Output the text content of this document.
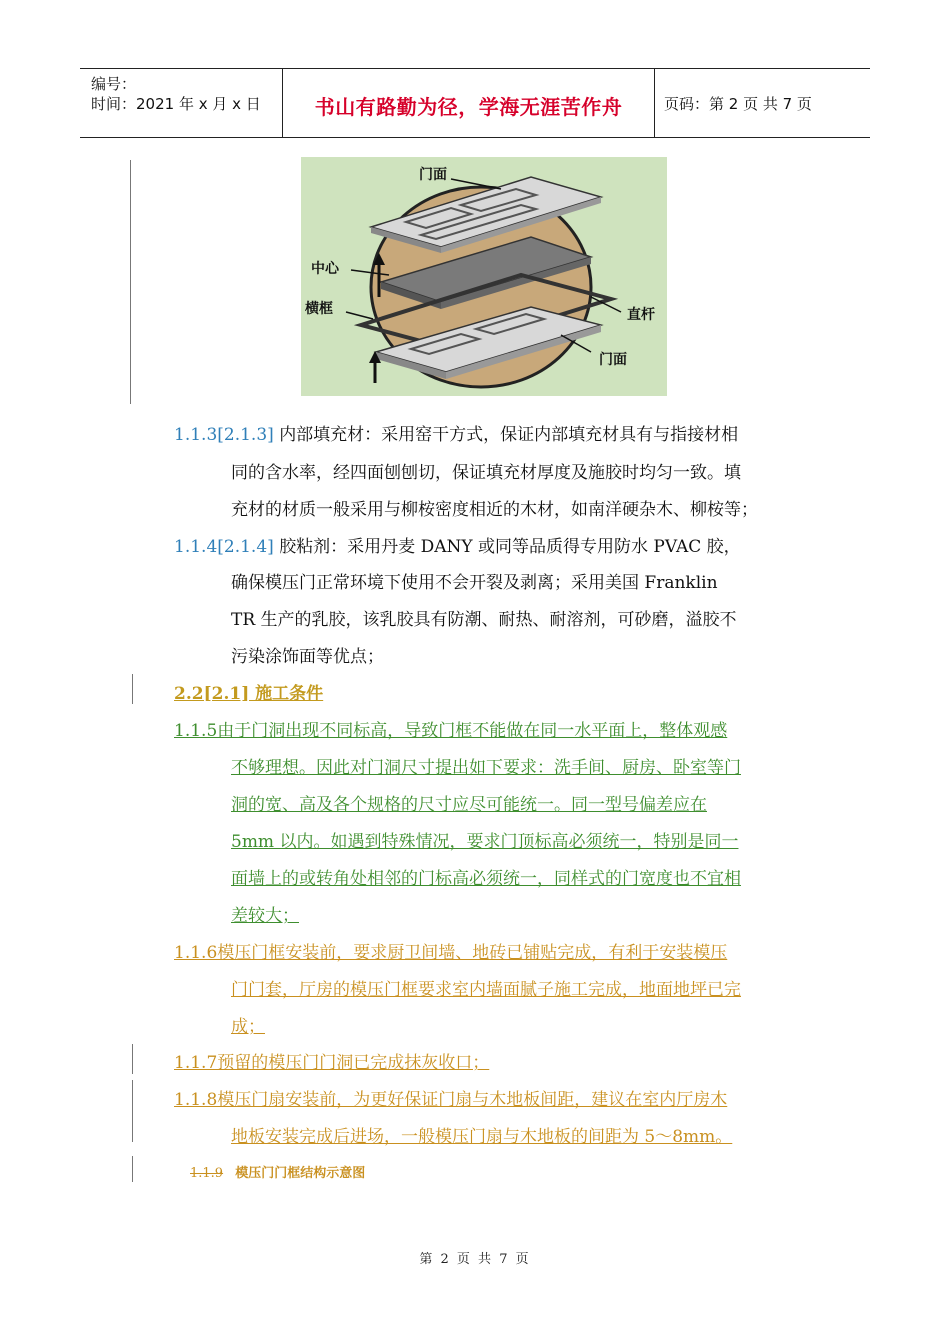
编号：
时间：2021 年 x 月 x 日	书山有路勤为径，学海无涯苦作舟	页码：第 2 页 共 7 页
门面
中心
横框	直杆
门面
1.1.3[2.1.3] 内部填充材：采用窑干方式，保证内部填充材具有与指接材相
同的含水率，经四面刨刨切，保证填充材厚度及施胶时均匀一致。填
充材的材质一般采用与柳桉密度相近的木材，如南洋硬杂木、柳桉等；
1.1.4[2.1.4] 胶粘剂：采用丹麦 DANY 或同等品质得专用防水 PVAC 胶，
确保模压门正常环境下使用不会开裂及剥离；采用美国 Franklin
TR 生产的乳胶，该乳胶具有防潮、耐热、耐溶剂，可砂磨，溢胶不
污染涂饰面等优点；
2.2[2.1] 施工条件
1.1.5由于门洞出现不同标高，导致门框不能做在同一水平面上，整体观感
不够理想。因此对门洞尺寸提出如下要求：洗手间、厨房、卧室等门
洞的宽、高及各个规格的尺寸应尽可能统一。同一型号偏差应在
5mm 以内。如遇到特殊情况，要求门顶标高必须统一，特别是同一
面墙上的或转角处相邻的门标高必须统一，同样式的门宽度也不宜相
差较大；
1.1.6模压门框安装前，要求厨卫间墙、地砖已铺贴完成，有利于安装模压
门门套，厅房的模压门框要求室内墙面腻子施工完成，地面地坪已完
成；
1.1.7预留的模压门门洞已完成抹灰收口；
1.1.8模压门扇安装前，为更好保证门扇与木地板间距，建议在室内厅房木
地板安装完成后进场，一般模压门扇与木地板的间距为 5～8mm。
1.1.9 模压门门框结构示意图
第 2 页 共 7 页
